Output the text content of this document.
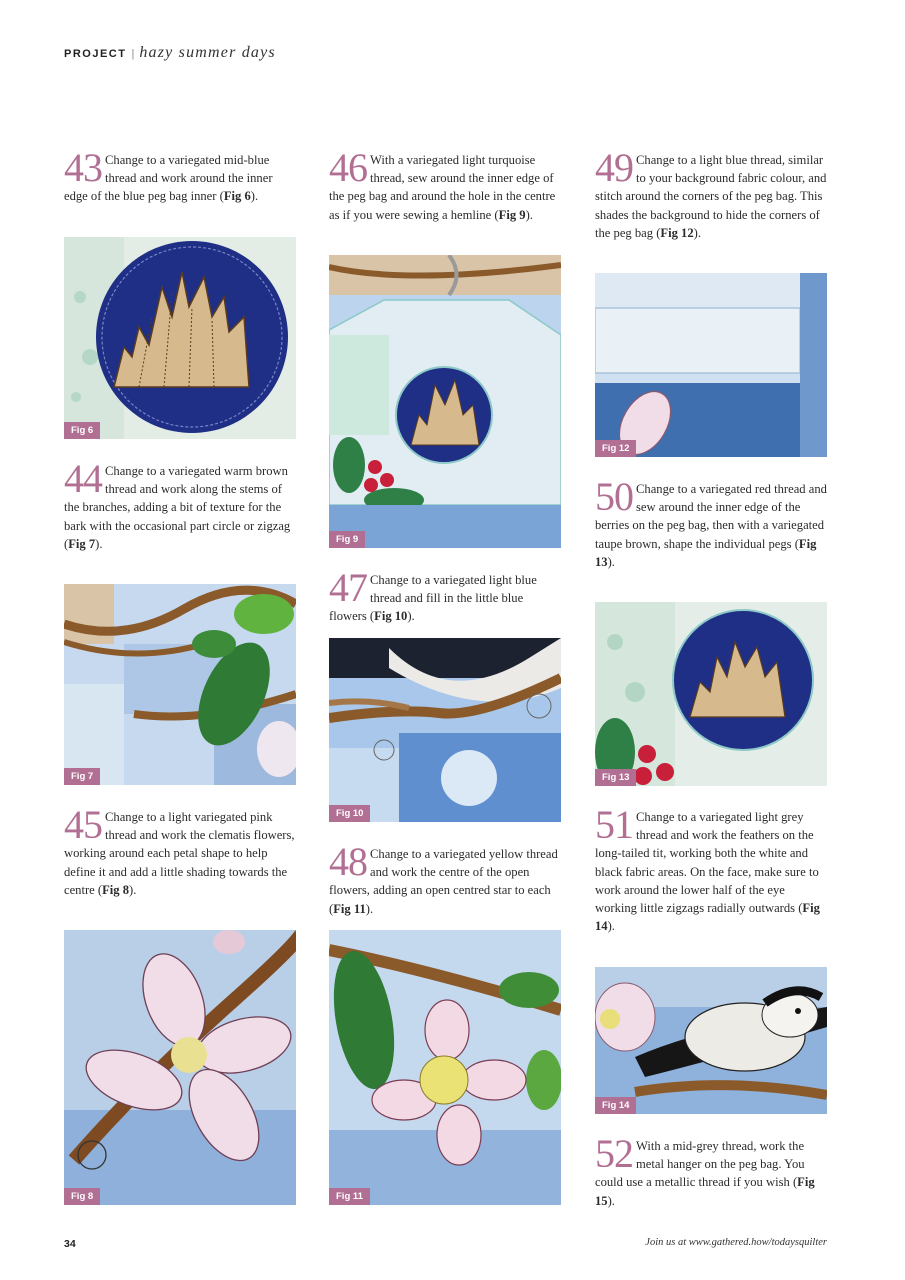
PROJECT | hazy summer days
43 Change to a variegated mid-blue thread and work around the inner edge of the blue peg bag inner (Fig 6).
Fig 6
44 Change to a variegated warm brown thread and work along the stems of the branches, adding a bit of texture for the bark with the occasional part circle or zigzag (Fig 7).
Fig 7
45 Change to a light variegated pink thread and work the clematis flowers, working around each petal shape to help define it and add a little shading towards the centre (Fig 8).
Fig 8
46 With a variegated light turquoise thread, sew around the inner edge of the peg bag and around the hole in the centre as if you were sewing a hemline (Fig 9).
Fig 9
47 Change to a variegated light blue thread and fill in the little blue flowers (Fig 10).
Fig 10
48 Change to a variegated yellow thread and work the centre of the open flowers, adding an open centred star to each (Fig 11).
Fig 11
49 Change to a light blue thread, similar to your background fabric colour, and stitch around the corners of the peg bag. This shades the background to hide the corners of the peg bag (Fig 12).
Fig 12
50 Change to a variegated red thread and sew around the inner edge of the berries on the peg bag, then with a variegated taupe brown, shape the individual pegs (Fig 13).
Fig 13
51 Change to a variegated light grey thread and work the feathers on the long-tailed tit, working both the white and black fabric areas. On the face, make sure to work around the lower half of the eye working little zigzags radially outwards (Fig 14).
Fig 14
52 With a mid-grey thread, work the metal hanger on the peg bag. You could use a metallic thread if you wish (Fig 15).
34	Join us at www.gathered.how/todaysquilter
